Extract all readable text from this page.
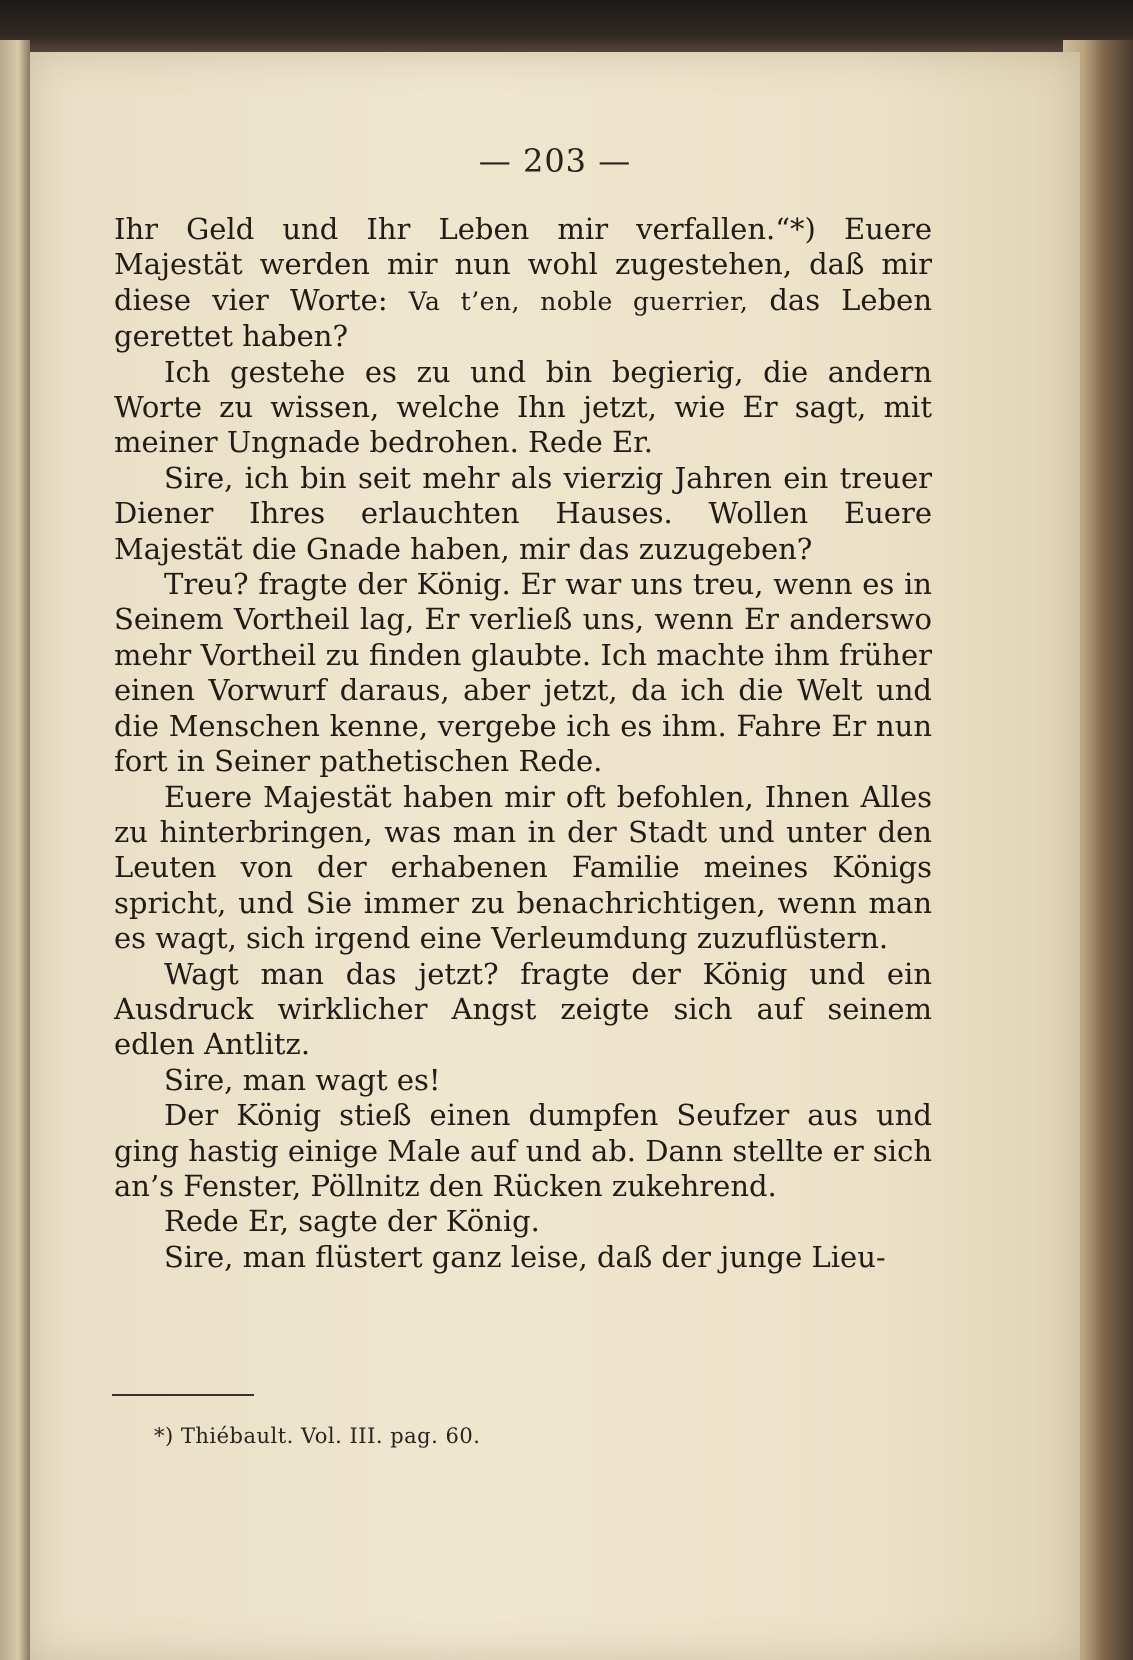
— 203 —

Ihr Geld und Ihr Leben mir verfallen.“*) Euere Majestät werden mir nun wohl zugestehen, daß mir diese vier Worte: Va t’en, noble guerrier, das Leben gerettet haben?

Ich gestehe es zu und bin begierig, die andern Worte zu wissen, welche Ihn jetzt, wie Er sagt, mit meiner Ungnade bedrohen. Rede Er.

Sire, ich bin seit mehr als vierzig Jahren ein treuer Diener Ihres erlauchten Hauses. Wollen Euere Majestät die Gnade haben, mir das zuzugeben?

Treu? fragte der König. Er war uns treu, wenn es in Seinem Vortheil lag, Er verließ uns, wenn Er anderswo mehr Vortheil zu finden glaubte. Ich machte ihm früher einen Vorwurf daraus, aber jetzt, da ich die Welt und die Menschen kenne, vergebe ich es ihm. Fahre Er nun fort in Seiner pathetischen Rede.

Euere Majestät haben mir oft befohlen, Ihnen Alles zu hinterbringen, was man in der Stadt und unter den Leuten von der erhabenen Familie meines Königs spricht, und Sie immer zu benachrichtigen, wenn man es wagt, sich irgend eine Verleumdung zuzuflüstern.

Wagt man das jetzt? fragte der König und ein Ausdruck wirklicher Angst zeigte sich auf seinem edlen Antlitz.

Sire, man wagt es!

Der König stieß einen dumpfen Seufzer aus und ging hastig einige Male auf und ab. Dann stellte er sich an’s Fenster, Pöllnitz den Rücken zukehrend.

Rede Er, sagte der König.

Sire, man flüstert ganz leise, daß der junge Lieu-

*) Thiébault. Vol. III. pag. 60.
